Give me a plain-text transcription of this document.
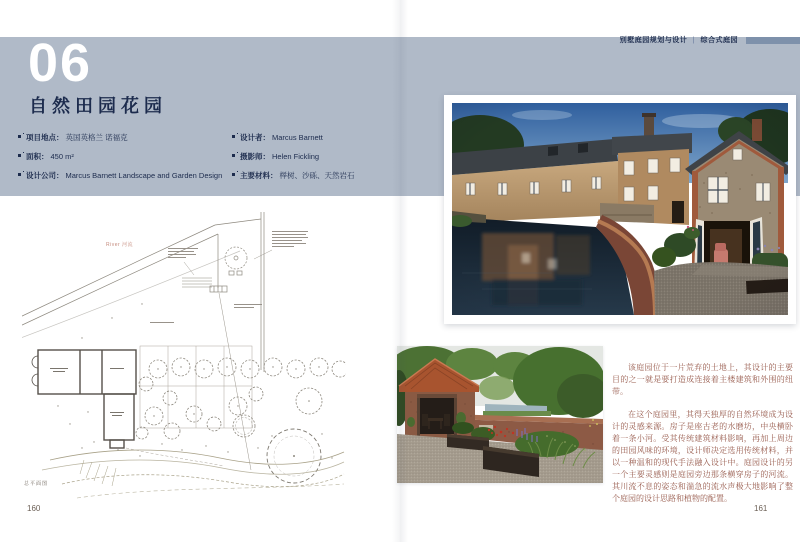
别墅庭园规划与设计 | 综合式庭园
06
自然田园花园
项目地点： 英国英格兰 诺福克
面积： 450 m²
设计公司： Marcus Barnett Landscape and Garden Design
设计者： Marcus Barnett
摄影师： Helen Fickling
主要材料： 榉树、沙砾、天然岩石
River 河流
总平面图
160	161

该庭园位于一片荒弃的土地上，其设计的主要目的之一就是要打造成连接着主楼建筑和外围的纽带。

在这个庭园里，其得天独厚的自然环境成为设计的灵感来源。房子是座古老的水磨坊，中央横卧着一条小河。受其传统建筑材料影响，再加上周边的田园风味的环境，设计师决定选用传统材料，并以一种温和的现代手法融入设计中。庭园设计的另一个主要灵感则是庭园旁边那条横穿房子的河流。其川流不息的姿态和湍急的流水声极大地影响了整个庭园的设计思路和植物的配置。
